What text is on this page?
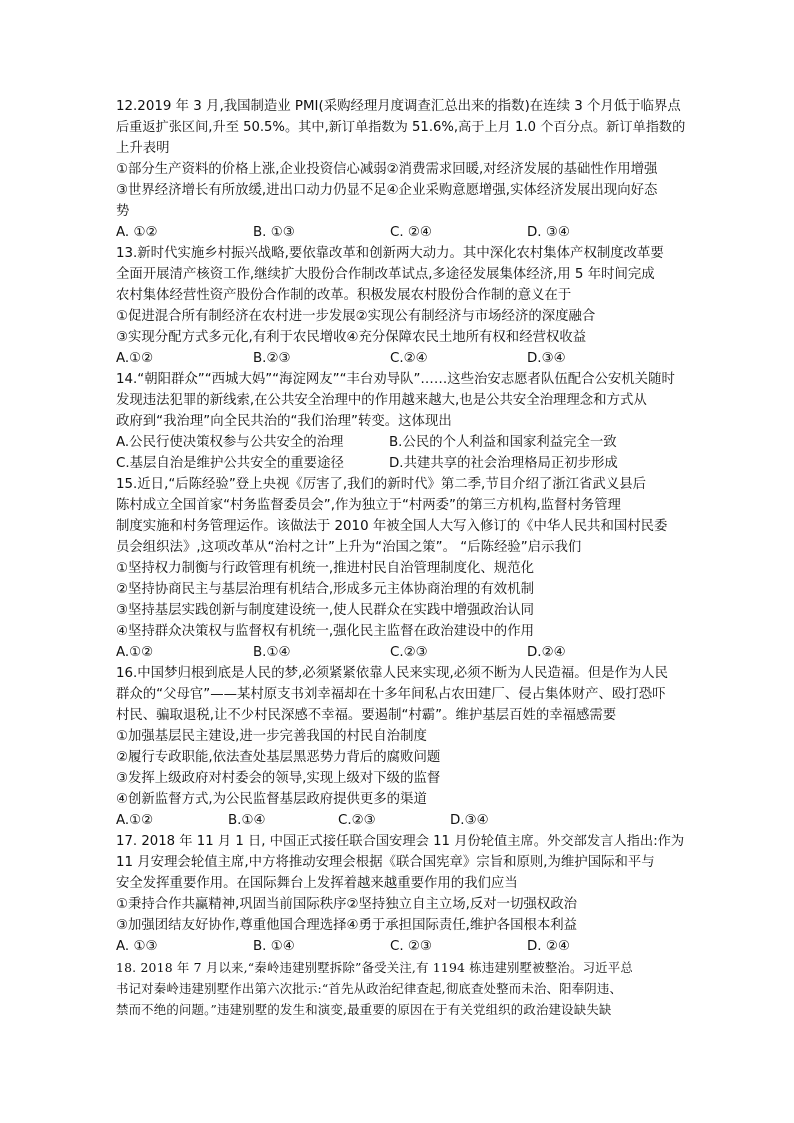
12.2019 年 3 月,我国制造业 PMI(采购经理月度调查汇总出来的指数)在连续 3 个月低于临界点
后重返扩张区间,升至 50.5%。其中,新订单指数为 51.6%,高于上月 1.0 个百分点。新订单指数的
上升表明
①部分生产资料的价格上涨,企业投资信心减弱②消费需求回暖,对经济发展的基础性作用增强
③世界经济增长有所放缓,进出口动力仍显不足④企业采购意愿增强,实体经济发展出现向好态
势
A. ①②	B. ①③	C. ②④	D. ③④
13.新时代实施乡村振兴战略,要依靠改革和创新两大动力。其中深化农村集体产权制度改革要
全面开展清产核资工作,继续扩大股份合作制改革试点,多途径发展集体经济,用 5 年时间完成
农村集体经营性资产股份合作制的改革。积极发展农村股份合作制的意义在于
①促进混合所有制经济在农村进一步发展②实现公有制经济与市场经济的深度融合
③实现分配方式多元化,有利于农民增收④充分保障农民土地所有权和经营权收益
A.①②	B.②③	C.②④	D.③④
14.“朝阳群众”“西城大妈”“海淀网友”“丰台劝导队”……这些治安志愿者队伍配合公安机关随时
发现违法犯罪的新线索,在公共安全治理中的作用越来越大,也是公共安全治理理念和方式从
政府到“我治理”向全民共治的“我们治理”转变。这体现出
A.公民行使决策权参与公共安全的治理	B.公民的个人利益和国家利益完全一致
C.基层自治是维护公共安全的重要途径	D.共建共享的社会治理格局正初步形成
15.近日,“后陈经验”登上央视《厉害了,我们的新时代》第二季,节目介绍了浙江省武义县后
陈村成立全国首家“村务监督委员会”,作为独立于“村两委”的第三方机构,监督村务管理
制度实施和村务管理运作。该做法于 2010 年被全国人大写入修订的《中华人民共和国村民委
员会组织法》,这项改革从“治村之计”上升为“治国之策”。 “后陈经验”启示我们
①坚持权力制衡与行政管理有机统一,推进村民自治管理制度化、规范化
②坚持协商民主与基层治理有机结合,形成多元主体协商治理的有效机制
③坚持基层实践创新与制度建设统一,使人民群众在实践中增强政治认同
④坚持群众决策权与监督权有机统一,强化民主监督在政治建设中的作用
A.①②	B.①④	C.②③	D.②④
16.中国梦归根到底是人民的梦,必须紧紧依靠人民来实现,必须不断为人民造福。但是作为人民
群众的“父母官”——某村原支书刘幸福却在十多年间私占农田建厂、侵占集体财产、殴打恐吓
村民、骗取退税,让不少村民深感不幸福。要遏制“村霸”。维护基层百姓的幸福感需要
①加强基层民主建设,进一步完善我国的村民自治制度
②履行专政职能,依法查处基层黑恶势力背后的腐败问题
③发挥上级政府对村委会的领导,实现上级对下级的监督
④创新监督方式,为公民监督基层政府提供更多的渠道
A.①②	B.①④	C.②③	D.③④
17. 2018 年 11 月 1 日, 中国正式接任联合国安理会 11 月份轮值主席。外交部发言人指出:作为
11 月安理会轮值主席,中方将推动安理会根据《联合国宪章》宗旨和原则,为维护国际和平与
安全发挥重要作用。在国际舞台上发挥着越来越重要作用的我们应当
①秉持合作共赢精神,巩固当前国际秩序②坚持独立自主立场,反对一切强权政治
③加强团结友好协作,尊重他国合理选择④勇于承担国际责任,维护各国根本利益
A. ①③	B. ①④	C. ②③	D. ②④
18. 2018 年 7 月以来,“秦岭违建别墅拆除”备受关注,有 1194 栋违建别墅被整治。习近平总
书记对秦岭违建别墅作出第六次批示:“首先从政治纪律查起,彻底查处整而未治、阳奉阴违、
禁而不绝的问题。”违建别墅的发生和演变,最重要的原因在于有关党组织的政治建设缺失缺
